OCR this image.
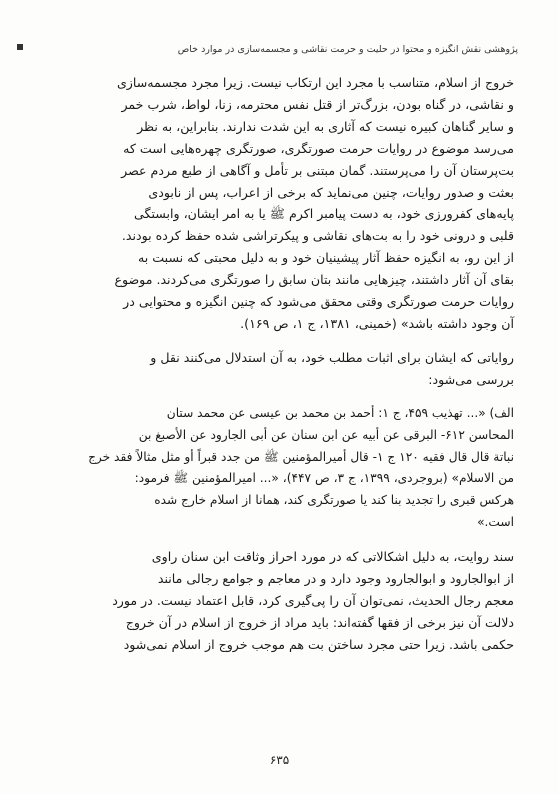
پژوهشی نقش انگیزه و محتوا در حلیت و حرمت نقاشی و مجسمه‌سازی در موارد خاص

خروج از اسلام، متناسب با مجرد این ارتکاب نیست. زیرا مجرد مجسمه‌سازی
و نقاشی، در گناه بودن، بزرگ‌تر از قتل نفس محترمه، زنا، لواط، شرب خمر
و سایر گناهان کبیره نیست که آثاری به این شدت ندارند. بنابراین، به نظر
می‌رسد موضوع در روایات حرمت صورتگری، صورتگری چهره‌هایی است که
بت‌پرستان آن را می‌پرستند. گمان مبتنی بر تأمل و آگاهی از طبع مردم عصر
بعثت و صدور روایات، چنین می‌نماید که برخی از اعراب، پس از نابودی
پایه‌های کفرورزی خود، به دست پیامبر اکرم ﷺ یا به امر ایشان، وابستگی
قلبی و درونی خود را به بت‌های نقاشی و پیکرتراشی شده حفظ کرده بودند.
از این رو، به انگیزه حفظ آثار پیشینیان خود و به دلیل محبتی که نسبت به
بقای آن آثار داشتند، چیزهایی مانند بتان سابق را صورتگری می‌کردند. موضوع
روایات حرمت صورتگری وقتی محقق می‌شود که چنین انگیزه و محتوایی در
آن وجود داشته باشد» (خمینی، ۱۳۸۱، ج ۱، ص ۱۶۹).

روایاتی که ایشان برای اثبات مطلب خود، به آن استدلال می‌کنند نقل و
بررسی می‌شود:

الف) «... تهذیب ۴۵۹، ج ۱: أحمد بن محمد بن عیسی عن محمد ستان
المحاسن ۶۱۲- البرقی عن أبیه عن ابن سنان عن أبی الجارود عن الأصبغ بن
نباتة قال قال فقیه ۱۲۰ ج ۱- قال أمیرالمؤمنین ﷺ من جدد قبراً أو مثل مثالاً فقد خرج
من الاسلام» (بروجردی، ۱۳۹۹، ج ۳، ص ۴۴۷)، «... امیرالمؤمنین ﷺ فرمود:
هرکس قبری را تجدید بنا کند یا صورتگری کند، همانا از اسلام خارج شده
است.»

سند روایت، به دلیل اشکالاتی که در مورد احراز وثاقت ابن سنان راوی
از ابوالجارود و ابوالجارود وجود دارد و در معاجم و جوامع رجالی مانند
معجم رجال الحدیث، نمی‌توان آن را پی‌گیری کرد، قابل اعتماد نیست. در مورد
دلالت آن نیز برخی از فقها گفته‌اند: باید مراد از خروج از اسلام در آن خروج
حکمی باشد. زیرا حتی مجرد ساختن بت هم موجب خروج از اسلام نمی‌شود

۶۳۵
